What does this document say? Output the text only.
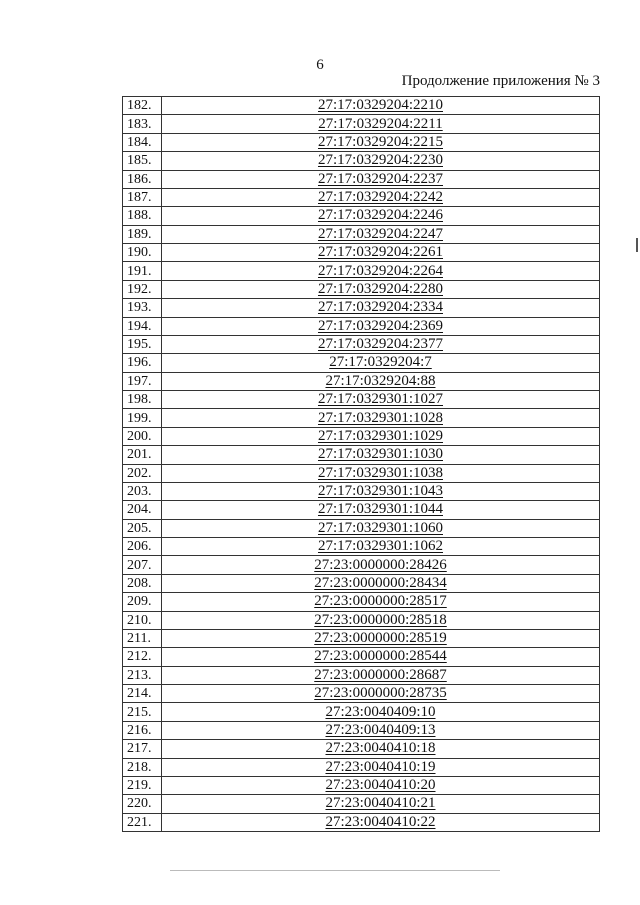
6
Продолжение приложения № 3
182.	27:17:0329204:2210
183.	27:17:0329204:2211
184.	27:17:0329204:2215
185.	27:17:0329204:2230
186.	27:17:0329204:2237
187.	27:17:0329204:2242
188.	27:17:0329204:2246
189.	27:17:0329204:2247
190.	27:17:0329204:2261
191.	27:17:0329204:2264
192.	27:17:0329204:2280
193.	27:17:0329204:2334
194.	27:17:0329204:2369
195.	27:17:0329204:2377
196.	27:17:0329204:7
197.	27:17:0329204:88
198.	27:17:0329301:1027
199.	27:17:0329301:1028
200.	27:17:0329301:1029
201.	27:17:0329301:1030
202.	27:17:0329301:1038
203.	27:17:0329301:1043
204.	27:17:0329301:1044
205.	27:17:0329301:1060
206.	27:17:0329301:1062
207.	27:23:0000000:28426
208.	27:23:0000000:28434
209.	27:23:0000000:28517
210.	27:23:0000000:28518
211.	27:23:0000000:28519
212.	27:23:0000000:28544
213.	27:23:0000000:28687
214.	27:23:0000000:28735
215.	27:23:0040409:10
216.	27:23:0040409:13
217.	27:23:0040410:18
218.	27:23:0040410:19
219.	27:23:0040410:20
220.	27:23:0040410:21
221.	27:23:0040410:22
